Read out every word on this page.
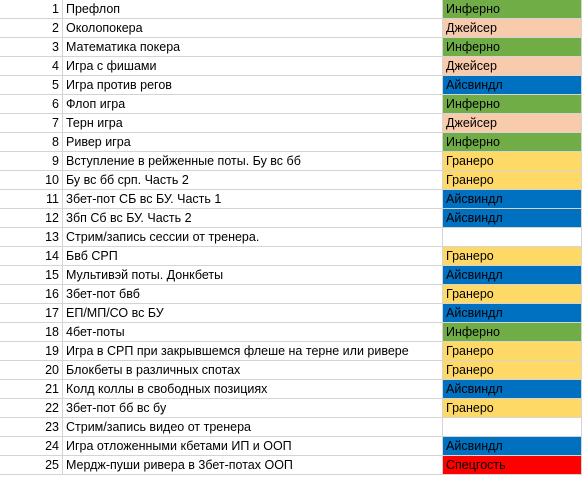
1 Префлоп	Инферно
2 Околопокера	Джейсер
3 Математика покера	Инферно
4 Игра с фишами	Джейсер
5 Игра против регов	Айсвиндл
6 Флоп игра	Инферно
7 Терн игра	Джейсер
8 Ривер игра	Инферно
9 Вступление в рейженные поты. Бу вс бб	Гранеро
10 Бу вс бб срп. Часть 2	Гранеро
11 3бет-пот СБ вс БУ. Часть 1	Айсвиндл
12 3бп Сб вс БУ. Часть 2	Айсвиндл
13 Стрим/запись сессии от тренера.
14 Бвб СРП	Гранеро
15 Мультивэй поты. Донкбеты	Айсвиндл
16 3бет-пот бвб	Гранеро
17 ЕП/МП/СО вс БУ	Айсвиндл
18 4бет-поты	Инферно
19 Игра в СРП при закрывшемся флеше на терне или ривере	Гранеро
20 Блокбеты в различных спотах	Гранеро
21 Колд коллы в свободных позициях	Айсвиндл
22 3бет-пот бб вс бу	Гранеро
23 Стрим/запись видео от тренера
24 Игра отложенными кбетами ИП и ООП	Айсвиндл
25 Мердж-пуши ривера в 3бет-потах ООП	Спецгость
